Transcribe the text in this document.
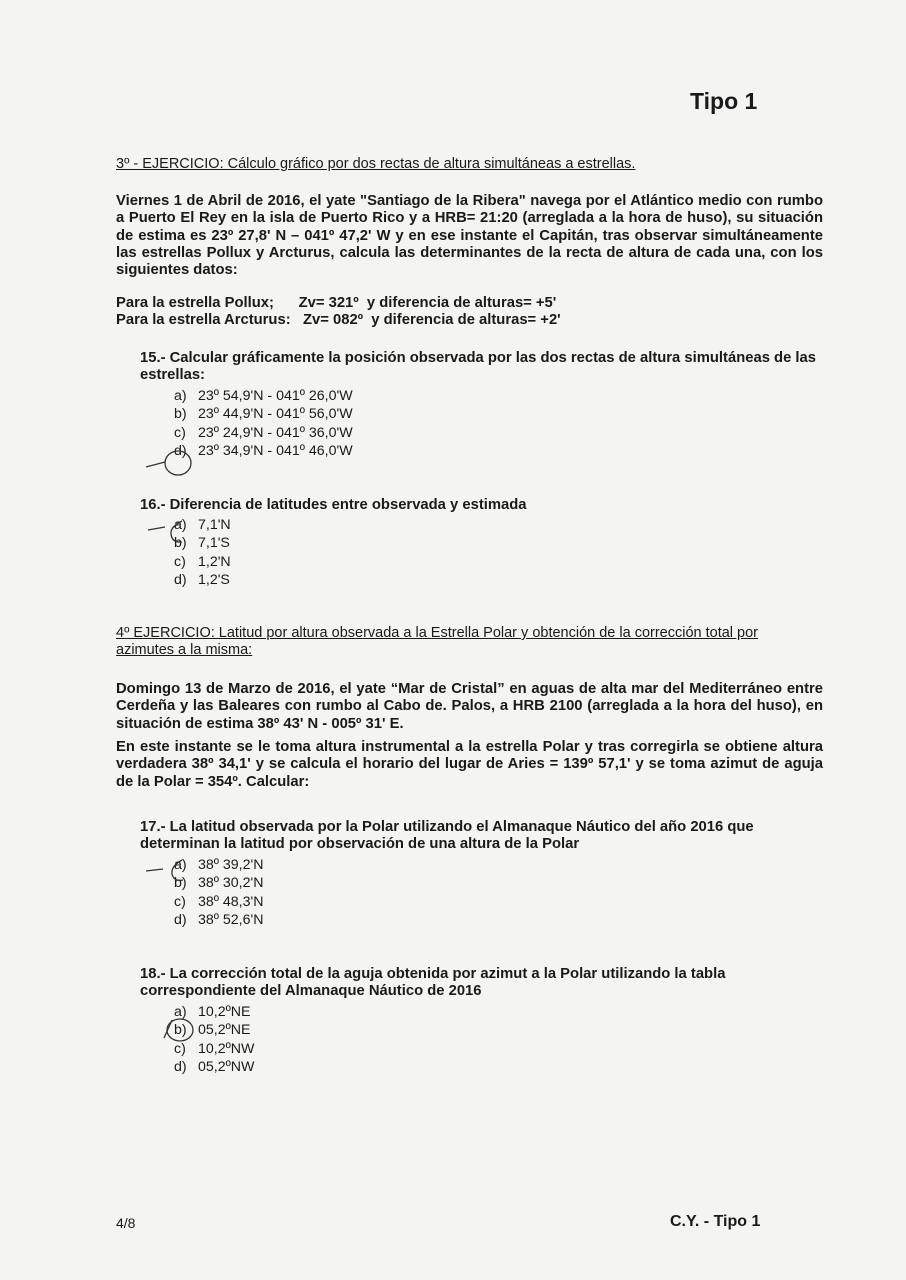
Tipo 1
3º - EJERCICIO: Cálculo gráfico por dos rectas de altura simultáneas a estrellas.
Viernes 1 de Abril de 2016, el yate "Santiago de la Ribera" navega por el Atlántico medio con rumbo a Puerto El Rey en la isla de Puerto Rico y a HRB= 21:20 (arreglada a la hora de huso), su situación de estima es 23º 27,8' N – 041º 47,2' W y en ese instante el Capitán, tras observar simultáneamente las estrellas Pollux y Arcturus, calcula las determinantes de la recta de altura de cada una, con los siguientes datos:
Para la estrella Pollux;      Zv= 321º  y diferencia de alturas= +5'
Para la estrella Arcturus:   Zv= 082º  y diferencia de alturas= +2'
15.- Calcular gráficamente la posición observada por las dos rectas de altura simultáneas de las estrellas:
a) 23º 54,9'N - 041º 26,0'W
b) 23º 44,9'N - 041º 56,0'W
c) 23º 24,9'N - 041º 36,0'W
d) 23º 34,9'N - 041º 46,0'W
16.- Diferencia de latitudes entre observada y estimada
a) 7,1'N
b) 7,1'S
c) 1,2'N
d) 1,2'S
4º EJERCICIO: Latitud por altura observada a la Estrella Polar y obtención de la corrección total por azimutes a la misma:
Domingo 13 de Marzo de 2016, el yate “Mar de Cristal” en aguas de alta mar del Mediterráneo entre Cerdeña y las Baleares con rumbo al Cabo de. Palos, a HRB 2100 (arreglada a la hora del huso), en situación de estima 38º 43' N - 005º 31' E.
En este instante se le toma altura instrumental a la estrella Polar y tras corregirla se obtiene altura verdadera 38º 34,1' y se calcula el horario del lugar de Aries = 139º 57,1' y se toma azimut de aguja de la Polar = 354º. Calcular:
17.- La latitud observada por la Polar utilizando el Almanaque Náutico del año 2016 que determinan la latitud por observación de una altura de la Polar
a) 38º 39,2'N
b) 38º 30,2'N
c) 38º 48,3'N
d) 38º 52,6'N
18.- La corrección total de la aguja obtenida por azimut a la Polar utilizando la tabla correspondiente del Almanaque Náutico de 2016
a) 10,2ºNE
b) 05,2ºNE
c) 10,2ºNW
d) 05,2ºNW
4/8	C.Y. - Tipo 1
